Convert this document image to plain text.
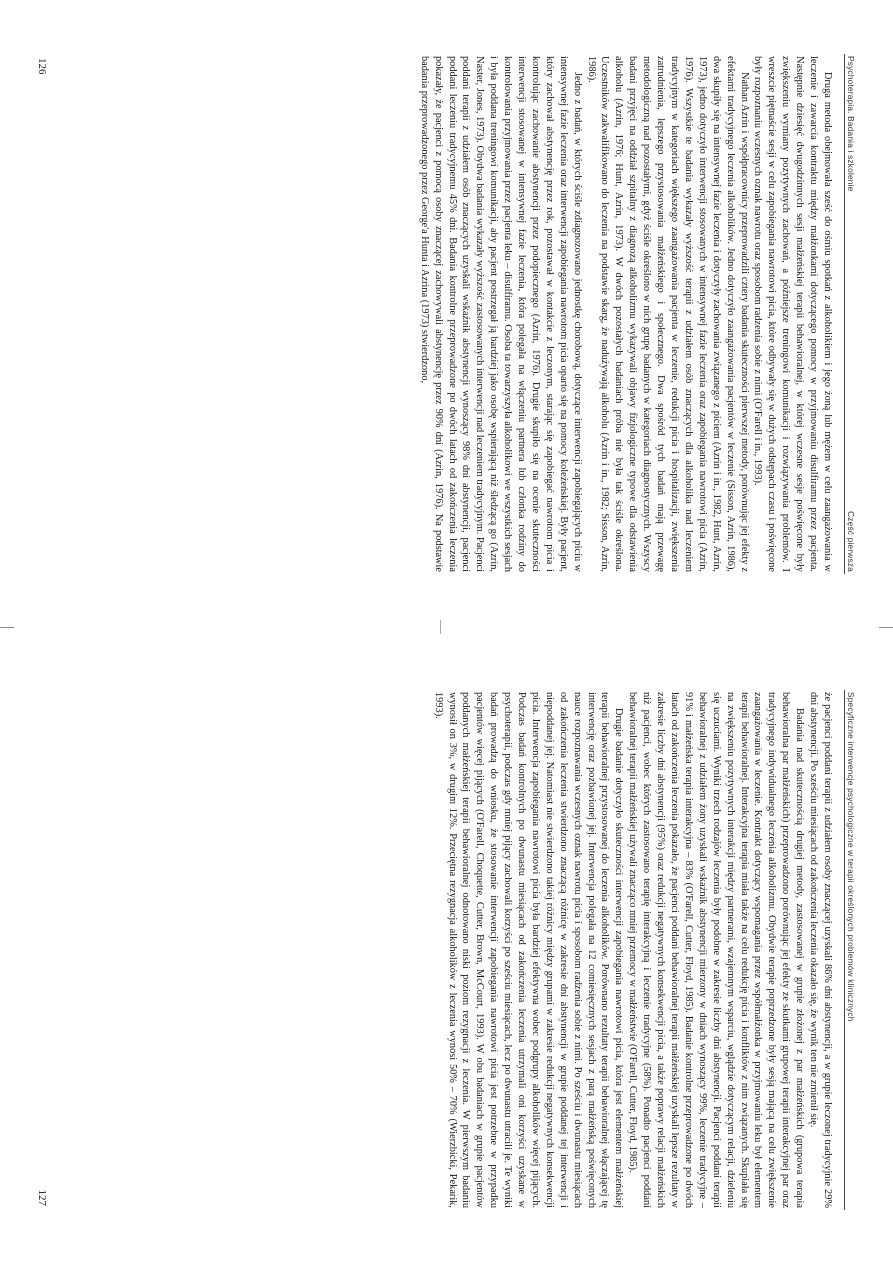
Psychoterapia. Badania i szkolenie
Część pierwsza

Druga metoda obejmowała sześć do ośmiu spotkań z alkoholikiem i jego żoną lub mężem w celu zaangażowania w leczenie i zawarcia kontraktu między małżonkami dotyczącego pomocy w przyjmowaniu disulfiramu przez pacjenta. Następnie dziesięć dwugodzinnych sesji małżeńskiej terapii behawioralnej, w której wczesne sesje poświęcone były zwiększeniu wymiany pozytywnych zachowań, a późniejsze treningowi komunikacji i rozwiązywania problemów. I wreszcie piętnaście sesji w celu zapobiegania nawrotowi picia, które odbywały się w dużych odstępach czasu i poświęcone były rozpoznaniu wczesnych oznak nawrotu oraz sposobom radzenia sobie z nimi (O'Farell i in., 1993).

Nathan Azrin i współpracownicy przeprowadzili cztery badania skuteczności pierwszej metody, porównując jej efekty z efektami tradycyjnego leczenia alkoholików. Jedno dotyczyło zaangażowania pacjentów w leczenie (Sisson, Azrin, 1986), dwa skupiły się na intensywnej fazie leczenia i dotyczyły zachowania związanego z piciem (Azrin i in., 1982, Hunt, Azrin, 1973), jedno dotyczyło interwencji stosowanych w intensywnej fazie leczenia oraz zapobiegania nawrotowi picia (Azrin, 1976). Wszystkie te badania wykazały wyższość terapii z udziałem osób znaczących dla alkoholika nad leczeniem tradycyjnym w kategoriach większego zaangażowania pacjenta w leczenie, redukcji picia i hospitalizacji, zwiększenia zatrudnienia, lepszego przystosowania małżeńskiego i społecznego. Dwa spośród tych badań mają przewagę metodologiczną nad pozostałymi, gdyż ściśle określono w nich grupę badanych w kategoriach diagnostycznych. Wszyscy badani przyjęci na oddział szpitalny z diagnozą alkoholizmu wykazywali objawy fizjologiczne typowe dla odstawienia alkoholu (Azrin, 1976; Hunt, Azrin, 1973). W dwóch pozostałych badaniach próba nie była tak ściśle określona. Uczestników zakwalifikowano do leczenia na podstawie skarg, że nadużywają alkoholu (Azrin i in., 1982; Sisson, Azrin, 1986).

Jedno z badań, w których ściśle zdiagnozowano jednostkę chorobową, dotyczące interwencji zapobiegających piciu w intensywnej fazie leczenia oraz interwencji zapobiegania nawrotom picia oparto się na pomocy koleżeńskiej. Były pacjent, który zachował abstynencję przez rok, pozostawał w kontakcie z leczonym, starając się zapobiegać nawrotom picia i kontrolując zachowanie abstynencji przez podopiecznego (Azrin, 1976). Drugie skupiło się na ocenie skuteczności interwencji stosowanej w intensywnej fazie leczenia, która polegała na włączeniu partnera lub członka rodziny do kontrolowania przyjmowania przez pacjenta leku – disulfiramu. Osoba ta towarzyszyła alkoholikowi we wszystkich sesjach i była poddana treningowi komunikacji, aby pacjent postrzegał ją bardziej jako osobę wspierającą niż śledzącą go (Azrin, Naster, Jones, 1973). Obydwa badania wykazały wyższość zastosowanych interwencji nad leczeniem tradycyjnym. Pacjenci poddani terapii z udziałem osób znaczących uzyskali wskaźnik abstynencji wynoszący 98% dni abstynencji, pacjenci poddani leczeniu tradycyjnemu 45% dni. Badania kontrolne przeprowadzone po dwóch latach od zakończenia leczenia pokazały, że pacjenci z pomocą osoby znaczącej zachowywali abstynencję przez 90% dni (Azrin, 1976). Na podstawie badania przeprowadzonego przez George'a Hunta i Azrina (1973) stwierdzono,

126
Specyficzne interwencje psychologiczne w terapii określonych problemów klinicznych

że pacjenci poddani terapii z udziałem osoby znaczącej uzyskali 86% dni abstynencji, a w grupie leczonej tradycyjnie 29% dni abstynencji. Po sześciu miesiącach od zakończenia leczenia okazało się, że wynik ten nie zmienił się.

Badania nad skutecznością drugiej metody, zastosowanej w grupie złożonej z par małżeńskich (grupowa terapia behawioralna par małżeńskich) przeprowadzono porównując jej efekty ze skutkami grupowej terapii interakcyjnej par oraz tradycyjnego indywidualnego leczenia alkoholizmu. Obydwie terapie poprzedzone były sesją mającą na celu zwiększenie zaangażowania w leczenie. Kontrakt dotyczący wspomagania przez współmałżonka w przyjmowaniu leku był elementem terapii behawioralnej. Interakcyjna terapia miała także na celu redukcję picia i konfliktów z nim związanych. Skupiała się na zwiększeniu pozytywnych interakcji między partnerami, wzajemnym wsparciu, wglądzie dotyczącym relacji, dzieleniu się uczuciami. Wyniki trzech rodzajów leczenia były podobne w zakresie liczby dni abstynencji. Pacjenci poddani terapii behawioralnej z udziałem żony uzyskali wskaźnik abstynencji mierzony w dniach wynoszący 99%, leczenie tradycyjne – 91% i małżeńska terapia interakcyjna – 83% (O'Farell, Cutter, Floyd, 1985). Badanie kontrolne przeprowadzone po dwóch latach od zakończenia leczenia pokazało, że pacjenci poddani behawioralnej terapii małżeńskiej uzyskali lepsze rezultaty w zakresie liczby dni abstynencji (95%) oraz redukcji negatywnych konsekwencji picia, a także poprawy relacji małżeńskich niż pacjenci, wobec których zastosowano terapię interakcyjną i leczenie tradycyjne (58%). Ponadto pacjenci poddani behawioralnej terapii małżeńskiej używali znacząco mniej przemocy w małżeństwie (O'Farell, Cutter, Floyd, 1985).

Drugie badanie dotyczyło skuteczności interwencji zapobiegania nawrotowi picia, która jest elementem małżeńskiej terapii behawioralnej przystosowanej do leczenia alkoholików. Porównano rezultaty terapii behawioralnej włączającej tę interwencję oraz pozbawionej jej. Interwencja polegała na 12 comiesięcznych sesjach z parą małżeńską poświęconych nauce rozpoznawania wczesnych oznak nawrotu picia i sposobom radzenia sobie z nimi. Po sześciu i dwunastu miesiącach od zakończenia leczenia stwierdzono znaczącą różnicę w zakresie dni abstynencji w grupie poddanej tej interwencji i niepoddanej jej. Natomiast nie stwierdzono takiej różnicy między grupami w zakresie redukcji negatywnych konsekwencji picia. Interwencja zapobiegania nawrotowi picia była bardziej efektywna wobec podgrupy alkoholików więcej pijących. Podczas badań kontrolnych po dwunastu miesiącach od zakończenia leczenia utrzymali oni korzyści uzyskane w psychoterapii, podczas gdy mniej pijący zachowali korzyści po sześciu miesiącach, lecz po dwunastu utracili je. Te wyniki badań prowadzą do wniosku, że stosowanie interwencji zapobiegania nawrotowi picia jest potrzebne w przypadku pacjentów więcej pijących (O'Farell, Choquette, Cutter, Brown, McCourt, 1993). W obu badaniach w grupie pacjentów poddanych małżeńskiej terapii behawioralnej odnotowano niski poziom rezygnacji z leczenia. W pierwszym badaniu wynosił on 3%, w drugim 12%. Przeciętna rezygnacja alkoholików z leczenia wynosi 50% – 70% (Wierzbicki, Pekarik, 1993).

127
